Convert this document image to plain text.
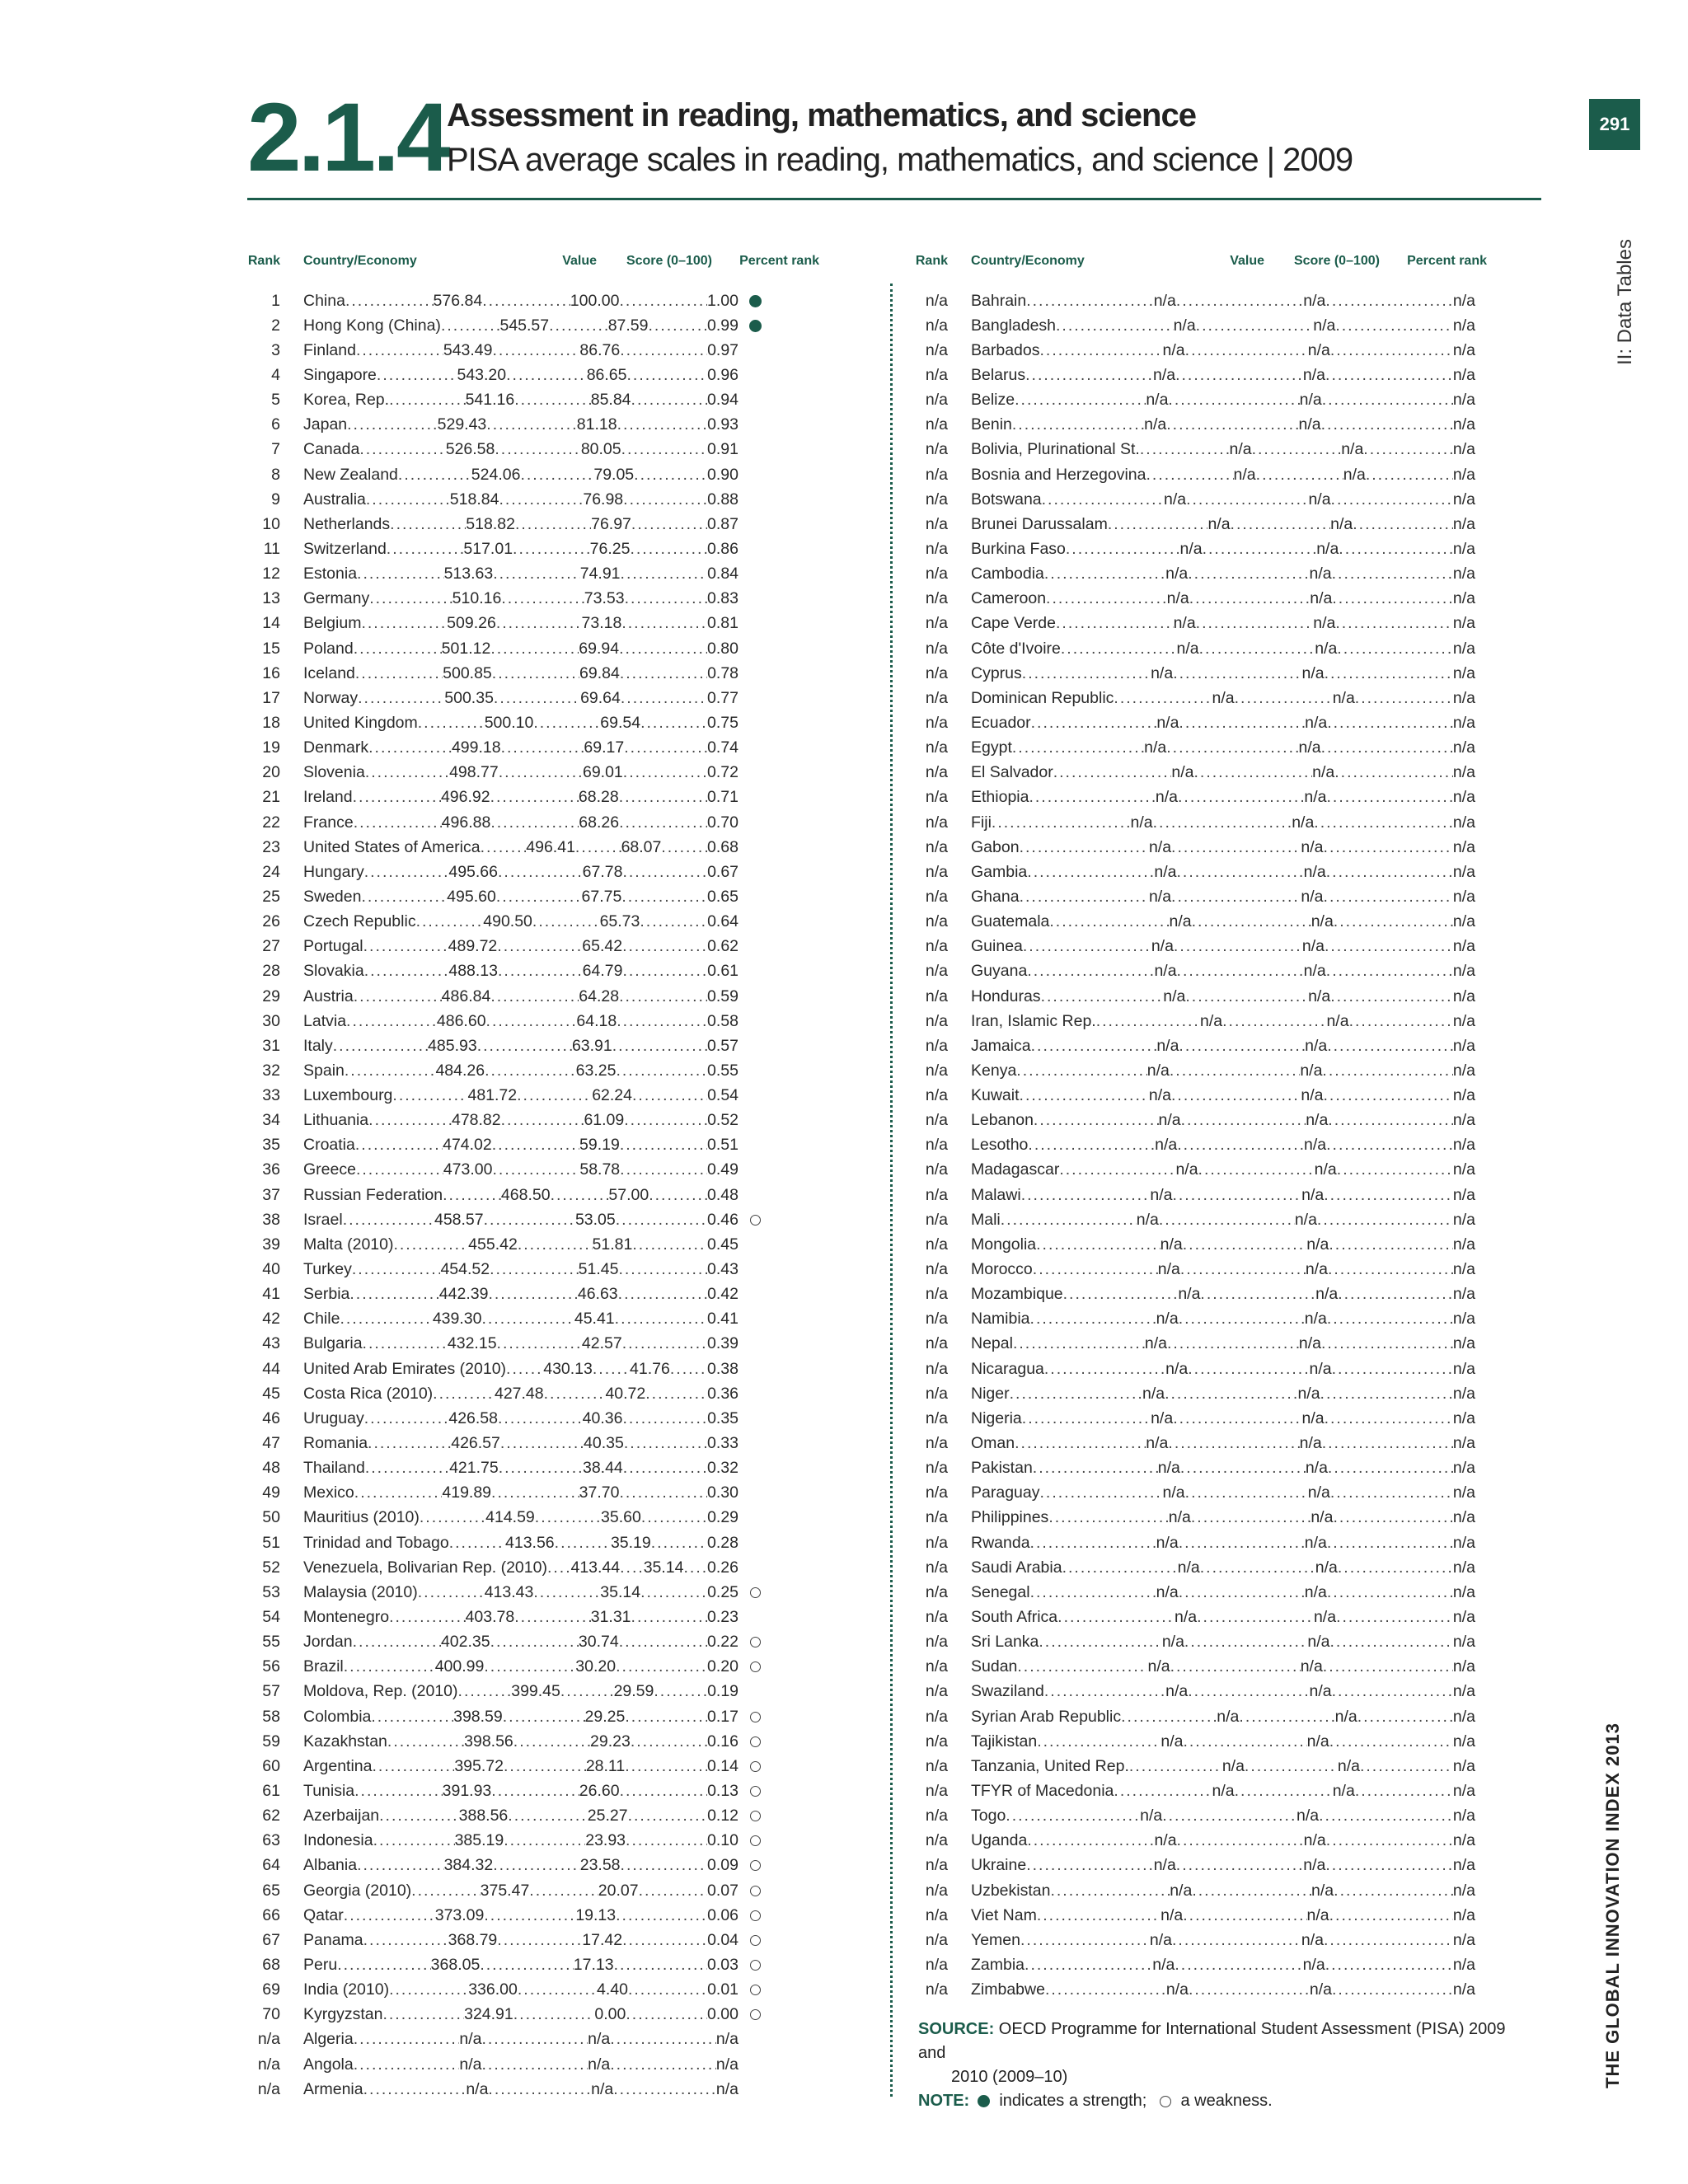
2.1.4 Assessment in reading, mathematics, and science
PISA average scales in reading, mathematics, and science | 2009
291
II: Data Tables
THE GLOBAL INNOVATION INDEX 2013
Rank	Country/Economy	Value	Score (0–100)	Percent rank
1	China .....	576.84 .....	100.00 .....	1.00
2	Hong Kong (China) .....	545.57 .....	87.59 .....	0.99
3	Finland .....	543.49 .....	86.76 .....	0.97
4	Singapore .....	543.20 .....	86.65 .....	0.96
5	Korea, Rep. .....	541.16 .....	85.84 .....	0.94
6	Japan .....	529.43 .....	81.18 .....	0.93
7	Canada .....	526.58 .....	80.05 .....	0.91
8	New Zealand .....	524.06 .....	79.05 .....	0.90
9	Australia .....	518.84 .....	76.98 .....	0.88
10	Netherlands .....	518.82 .....	76.97 .....	0.87
11	Switzerland .....	517.01 .....	76.25 .....	0.86
12	Estonia .....	513.63 .....	74.91 .....	0.84
13	Germany .....	510.16 .....	73.53 .....	0.83
14	Belgium .....	509.26 .....	73.18 .....	0.81
15	Poland .....	501.12 .....	69.94 .....	0.80
16	Iceland .....	500.85 .....	69.84 .....	0.78
17	Norway .....	500.35 .....	69.64 .....	0.77
18	United Kingdom .....	500.10 .....	69.54 .....	0.75
19	Denmark .....	499.18 .....	69.17 .....	0.74
20	Slovenia .....	498.77 .....	69.01 .....	0.72
21	Ireland .....	496.92 .....	68.28 .....	0.71
22	France .....	496.88 .....	68.26 .....	0.70
23	United States of America .....	496.41 .....	68.07 .....	0.68
24	Hungary .....	495.66 .....	67.78 .....	0.67
25	Sweden .....	495.60 .....	67.75 .....	0.65
26	Czech Republic .....	490.50 .....	65.73 .....	0.64
27	Portugal .....	489.72 .....	65.42 .....	0.62
28	Slovakia .....	488.13 .....	64.79 .....	0.61
29	Austria .....	486.84 .....	64.28 .....	0.59
30	Latvia .....	486.60 .....	64.18 .....	0.58
31	Italy .....	485.93 .....	63.91 .....	0.57
32	Spain .....	484.26 .....	63.25 .....	0.55
33	Luxembourg .....	481.72 .....	62.24 .....	0.54
34	Lithuania .....	478.82 .....	61.09 .....	0.52
35	Croatia .....	474.02 .....	59.19 .....	0.51
36	Greece .....	473.00 .....	58.78 .....	0.49
37	Russian Federation .....	468.50 .....	57.00 .....	0.48
38	Israel .....	458.57 .....	53.05 .....	0.46
39	Malta (2010) .....	455.42 .....	51.81 .....	0.45
40	Turkey .....	454.52 .....	51.45 .....	0.43
41	Serbia .....	442.39 .....	46.63 .....	0.42
42	Chile .....	439.30 .....	45.41 .....	0.41
43	Bulgaria .....	432.15 .....	42.57 .....	0.39
44	United Arab Emirates (2010) ..... 430.13 ..... 41.76 ..... 0.38
45	Costa Rica (2010) .....	427.48 .....	40.72 .....	0.36
46	Uruguay .....	426.58 .....	40.36 .....	0.35
47	Romania .....	426.57 .....	40.35 .....	0.33
48	Thailand .....	421.75 .....	38.44 .....	0.32
49	Mexico .....	419.89 .....	37.70 .....	0.30
50	Mauritius (2010) .....	414.59 .....	35.60 .....	0.29
51	Trinidad and Tobago .....	413.56 .....	35.19 .....	0.28
52	Venezuela, Bolivarian Rep. (2010) ..... 413.44 ..... 35.14 ..... 0.26
53	Malaysia (2010) .....	413.43 .....	35.14 .....	0.25
54	Montenegro .....	403.78 .....	31.31 .....	0.23
55	Jordan .....	402.35 .....	30.74 .....	0.22
56	Brazil .....	400.99 .....	30.20 .....	0.20
57	Moldova, Rep. (2010) .....	399.45 .....	29.59 .....	0.19
58	Colombia .....	398.59 .....	29.25 .....	0.17
59	Kazakhstan .....	398.56 .....	29.23 .....	0.16
60	Argentina .....	395.72 .....	28.11 .....	0.14
61	Tunisia .....	391.93 .....	26.60 .....	0.13
62	Azerbaijan .....	388.56 .....	25.27 .....	0.12
63	Indonesia .....	385.19 .....	23.93 .....	0.10
64	Albania .....	384.32 .....	23.58 .....	0.09
65	Georgia (2010) .....	375.47 .....	20.07 .....	0.07
66	Qatar .....	373.09 .....	19.13 .....	0.06
67	Panama .....	368.79 .....	17.42 .....	0.04
68	Peru .....	368.05 .....	17.13 .....	0.03
69	India (2010) .....	336.00 .....	4.40 .....	0.01
70	Kyrgyzstan .....	324.91 .....	0.00 .....	0.00
n/a	Algeria .....	n/a .....	n/a .....	n/a
n/a	Angola .....	n/a .....	n/a .....	n/a
n/a	Armenia .....	n/a .....	n/a .....	n/a
Rank	Country/Economy	Value	Score (0–100)	Percent rank
n/a	Bahrain .....	n/a .....	n/a .....	n/a
n/a	Bangladesh .....	n/a .....	n/a .....	n/a
n/a	Barbados .....	n/a .....	n/a .....	n/a
n/a	Belarus .....	n/a .....	n/a .....	n/a
n/a	Belize .....	n/a .....	n/a .....	n/a
n/a	Benin .....	n/a .....	n/a .....	n/a
n/a	Bolivia, Plurinational St. .....	n/a .....	n/a .....	n/a
n/a	Bosnia and Herzegovina .....	n/a .....	n/a .....	n/a
n/a	Botswana .....	n/a .....	n/a .....	n/a
n/a	Brunei Darussalam .....	n/a .....	n/a .....	n/a
n/a	Burkina Faso .....	n/a .....	n/a .....	n/a
n/a	Cambodia .....	n/a .....	n/a .....	n/a
n/a	Cameroon .....	n/a .....	n/a .....	n/a
n/a	Cape Verde .....	n/a .....	n/a .....	n/a
n/a	Côte d'Ivoire .....	n/a .....	n/a .....	n/a
n/a	Cyprus .....	n/a .....	n/a .....	n/a
n/a	Dominican Republic .....	n/a .....	n/a .....	n/a
n/a	Ecuador .....	n/a .....	n/a .....	n/a
n/a	Egypt .....	n/a .....	n/a .....	n/a
n/a	El Salvador .....	n/a .....	n/a .....	n/a
n/a	Ethiopia .....	n/a .....	n/a .....	n/a
n/a	Fiji .....	n/a .....	n/a .....	n/a
n/a	Gabon .....	n/a .....	n/a .....	n/a
n/a	Gambia .....	n/a .....	n/a .....	n/a
n/a	Ghana .....	n/a .....	n/a .....	n/a
n/a	Guatemala .....	n/a .....	n/a .....	n/a
n/a	Guinea .....	n/a .....	n/a .....	n/a
n/a	Guyana .....	n/a .....	n/a .....	n/a
n/a	Honduras .....	n/a .....	n/a .....	n/a
n/a	Iran, Islamic Rep. .....	n/a .....	n/a .....	n/a
n/a	Jamaica .....	n/a .....	n/a .....	n/a
n/a	Kenya .....	n/a .....	n/a .....	n/a
n/a	Kuwait .....	n/a .....	n/a .....	n/a
n/a	Lebanon .....	n/a .....	n/a .....	n/a
n/a	Lesotho .....	n/a .....	n/a .....	n/a
n/a	Madagascar .....	n/a .....	n/a .....	n/a
n/a	Malawi .....	n/a .....	n/a .....	n/a
n/a	Mali .....	n/a .....	n/a .....	n/a
n/a	Mongolia .....	n/a .....	n/a .....	n/a
n/a	Morocco .....	n/a .....	n/a .....	n/a
n/a	Mozambique .....	n/a .....	n/a .....	n/a
n/a	Namibia .....	n/a .....	n/a .....	n/a
n/a	Nepal .....	n/a .....	n/a .....	n/a
n/a	Nicaragua .....	n/a .....	n/a .....	n/a
n/a	Niger .....	n/a .....	n/a .....	n/a
n/a	Nigeria .....	n/a .....	n/a .....	n/a
n/a	Oman .....	n/a .....	n/a .....	n/a
n/a	Pakistan .....	n/a .....	n/a .....	n/a
n/a	Paraguay .....	n/a .....	n/a .....	n/a
n/a	Philippines .....	n/a .....	n/a .....	n/a
n/a	Rwanda .....	n/a .....	n/a .....	n/a
n/a	Saudi Arabia .....	n/a .....	n/a .....	n/a
n/a	Senegal .....	n/a .....	n/a .....	n/a
n/a	South Africa .....	n/a .....	n/a .....	n/a
n/a	Sri Lanka .....	n/a .....	n/a .....	n/a
n/a	Sudan .....	n/a .....	n/a .....	n/a
n/a	Swaziland .....	n/a .....	n/a .....	n/a
n/a	Syrian Arab Republic .....	n/a .....	n/a .....	n/a
n/a	Tajikistan .....	n/a .....	n/a .....	n/a
n/a	Tanzania, United Rep. .....	n/a .....	n/a .....	n/a
n/a	TFYR of Macedonia .....	n/a .....	n/a .....	n/a
n/a	Togo .....	n/a .....	n/a .....	n/a
n/a	Uganda .....	n/a .....	n/a .....	n/a
n/a	Ukraine .....	n/a .....	n/a .....	n/a
n/a	Uzbekistan .....	n/a .....	n/a .....	n/a
n/a	Viet Nam .....	n/a .....	n/a .....	n/a
n/a	Yemen .....	n/a .....	n/a .....	n/a
n/a	Zambia .....	n/a .....	n/a .....	n/a
n/a	Zimbabwe .....	n/a .....	n/a .....	n/a
SOURCE: OECD Programme for International Student Assessment (PISA) 2009 and
2010 (2009–10)
NOTE: indicates a strength; a weakness.
